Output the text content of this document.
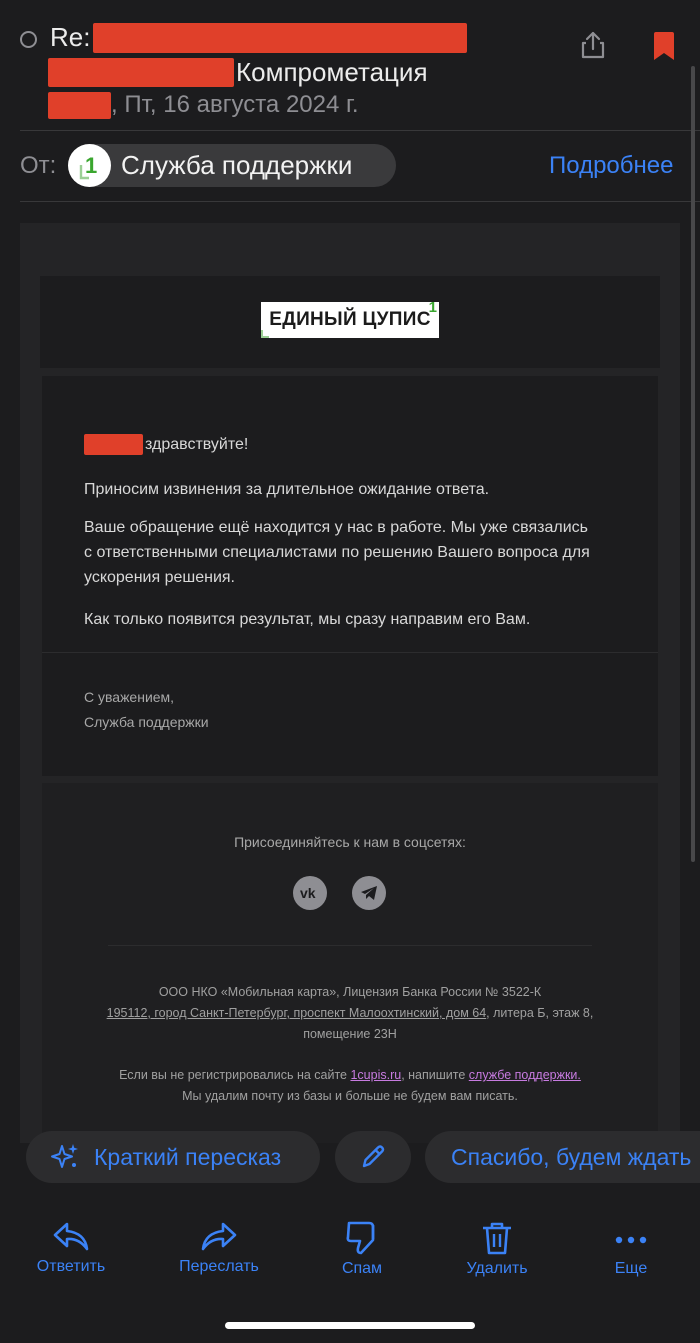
Re:
Компрометация
, Пт, 16 августа 2024 г.
От: 1 Служба поддержки	Подробнее
ЕДИНЫЙ ЦУПИС
1
здравствуйте!
Приносим извинения за длительное ожидание ответа.
Ваше обращение ещё находится у нас в работе. Мы уже связались
с ответственными специалистами по решению Вашего вопроса для
ускорения решения.
Как только появится результат, мы сразу направим его Вам.
С уважением,
Служба поддержки
Присоединяйтесь к нам в соцсетях:
vk
ООО НКО «Мобильная карта», Лицензия Банка России № 3522-К
195112, город Санкт-Петербург, проспект Малоохтинский, дом 64, литера Б, этаж 8,
помещение 23Н
Если вы не регистрировались на сайте 1cupis.ru, напишите службе поддержки.
Мы удалим почту из базы и больше не будем вам писать.
Краткий пересказ	Спасибо, будем ждать
Ответить	Переслать	Спам	Удалить	Еще
